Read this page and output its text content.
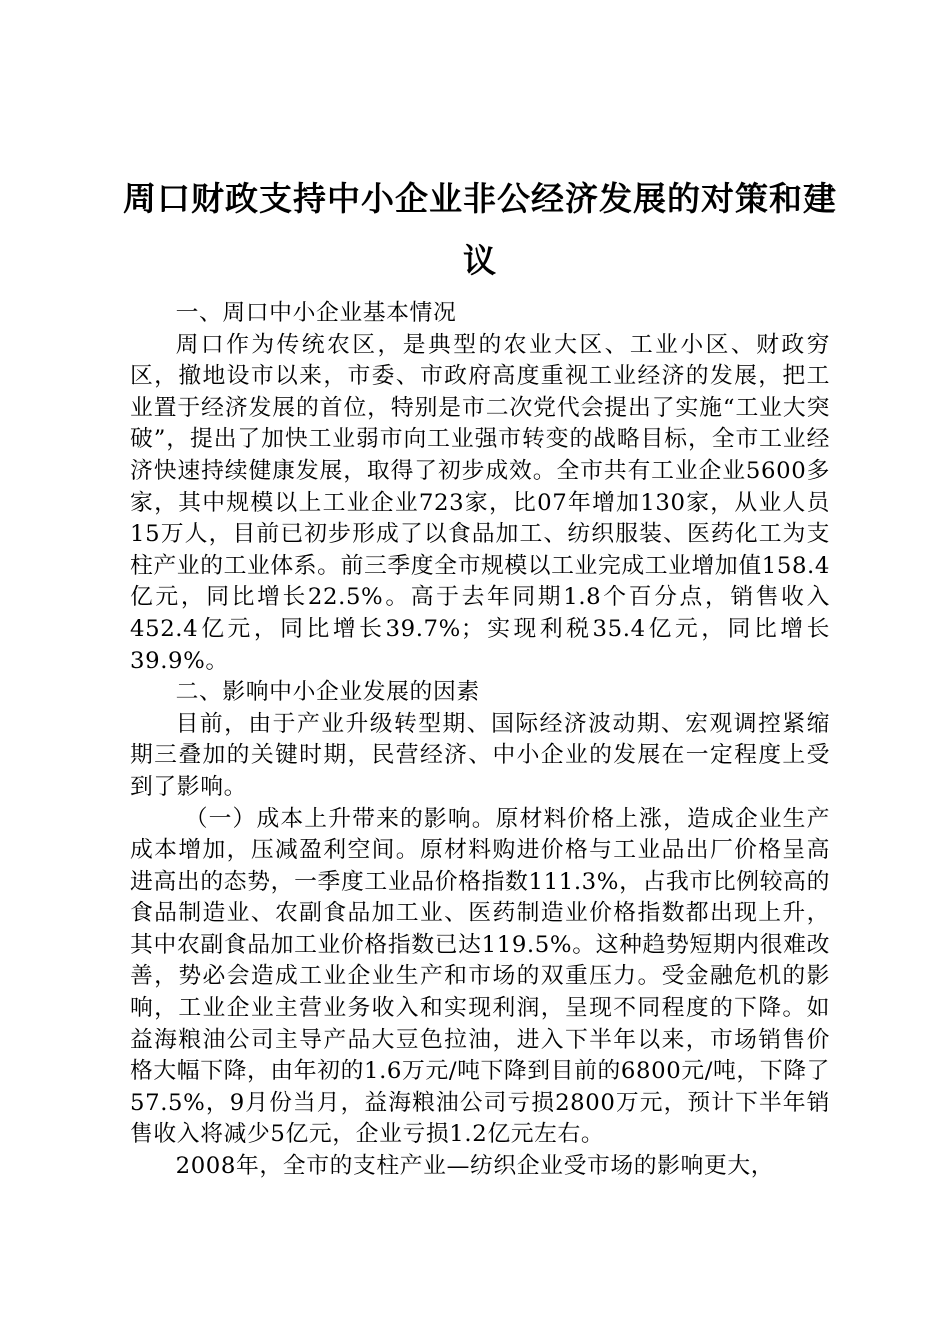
周口财政支持中小企业非公经济发展的对策和建议

一、周口中小企业基本情况

周口作为传统农区，是典型的农业大区、工业小区、财政穷区，撤地设市以来，市委、市政府高度重视工业经济的发展，把工业置于经济发展的首位，特别是市二次党代会提出了实施“工业大突破”，提出了加快工业弱市向工业强市转变的战略目标，全市工业经济快速持续健康发展，取得了初步成效。全市共有工业企业5600多家，其中规模以上工业企业723家，比07年增加130家，从业人员15万人，目前已初步形成了以食品加工、纺织服装、医药化工为支柱产业的工业体系。前三季度全市规模以工业完成工业增加值158.4亿元，同比增长22.5%。高于去年同期1.8个百分点，销售收入452.4亿元，同比增长39.7%；实现利税35.4亿元，同比增长39.9%。

二、影响中小企业发展的因素

目前，由于产业升级转型期、国际经济波动期、宏观调控紧缩期三叠加的关键时期，民营经济、中小企业的发展在一定程度上受到了影响。

（一）成本上升带来的影响。原材料价格上涨，造成企业生产成本增加，压减盈利空间。原材料购进价格与工业品出厂价格呈高进高出的态势，一季度工业品价格指数111.3%，占我市比例较高的食品制造业、农副食品加工业、医药制造业价格指数都出现上升，其中农副食品加工业价格指数已达119.5%。这种趋势短期内很难改善，势必会造成工业企业生产和市场的双重压力。受金融危机的影响，工业企业主营业务收入和实现利润，呈现不同程度的下降。如益海粮油公司主导产品大豆色拉油，进入下半年以来，市场销售价格大幅下降，由年初的1.6万元/吨下降到目前的6800元/吨，下降了57.5%，9月份当月，益海粮油公司亏损2800万元，预计下半年销售收入将减少5亿元，企业亏损1.2亿元左右。

2008年，全市的支柱产业—纺织企业受市场的影响更大，
